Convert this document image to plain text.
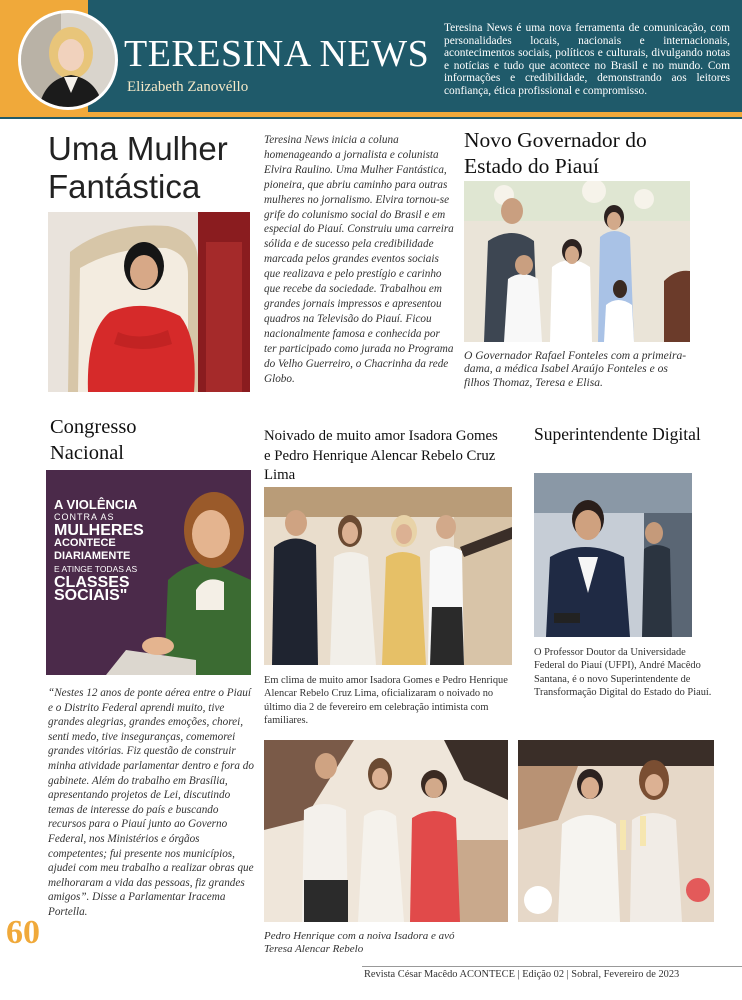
TERESINA NEWS
Elizabeth Zanovéllo
Teresina News é uma nova ferramenta de comunicação, com personalidades locais, nacionais e internacionais, acontecimentos sociais, políticos e culturais, divulgando notas e notícias e tudo que acontece no Brasil e no mundo. Com informações e credibilidade, demonstrando aos leitores confiança, ética profissional e compromisso.
Uma Mulher Fantástica
Teresina News inicia a coluna homenageando a jornalista e colunista Elvira Raulino. Uma Mulher Fantástica, pioneira, que abriu caminho para outras mulheres no jornalismo. Elvira tornou-se grife do colunismo social do Brasil e em especial do Piauí. Construiu uma carreira sólida e de sucesso pela credibilidade marcada pelos grandes eventos sociais que realizava e pelo prestígio e carinho que recebe da sociedade. Trabalhou em grandes jornais impressos e apresentou quadros na Televisão do Piauí. Ficou nacionalmente famosa e conhecida por ter participado como jurada no Programa do Velho Guerreiro, o Chacrinha da rede Globo.
Novo Governador do Estado do Piauí
O Governador Rafael Fonteles com a primeira-dama, a médica Isabel Araújo Fonteles e os filhos Thomaz, Teresa e Elisa.
Congresso Nacional
A VIOLÊNCIA
CONTRA AS
MULHERES
ACONTECE
DIARIAMENTE
E ATINGE TODAS AS
CLASSES
SOCIAIS"
“Nestes 12 anos de ponte aérea entre o Piauí e o Distrito Federal aprendi muito, tive grandes alegrias, grandes emoções, chorei, senti medo, tive inseguranças, comemorei grandes vitórias. Fiz questão de construir minha atividade parlamentar dentro e fora do gabinete. Além do trabalho em Brasília, apresentando projetos de Lei, discutindo temas de interesse do país e buscando recursos para o Piauí junto ao Governo Federal, nos Ministérios e órgãos competentes; fui presente nos municípios, ajudei com meu trabalho a realizar obras que melhoraram a vida das pessoas, fiz grandes amigos”. Disse a Parlamentar Iracema Portella.
Noivado de muito amor Isadora Gomes e Pedro Henrique Alencar Rebelo Cruz Lima
Em clima de muito amor Isadora Gomes e Pedro Henrique Alencar Rebelo Cruz Lima, oficializaram o noivado no último dia 2 de fevereiro em celebração intimista com familiares.
Pedro Henrique com a noiva Isadora e avó Teresa Alencar Rebelo
Superintendente Digital
O Professor Doutor da Universidade Federal do Piauí (UFPI), André Macêdo Santana, é o novo Superintendente de Transformação Digital do Estado do Piauí.
60
Revista César Macêdo ACONTECE | Edição 02 | Sobral, Fevereiro de 2023
